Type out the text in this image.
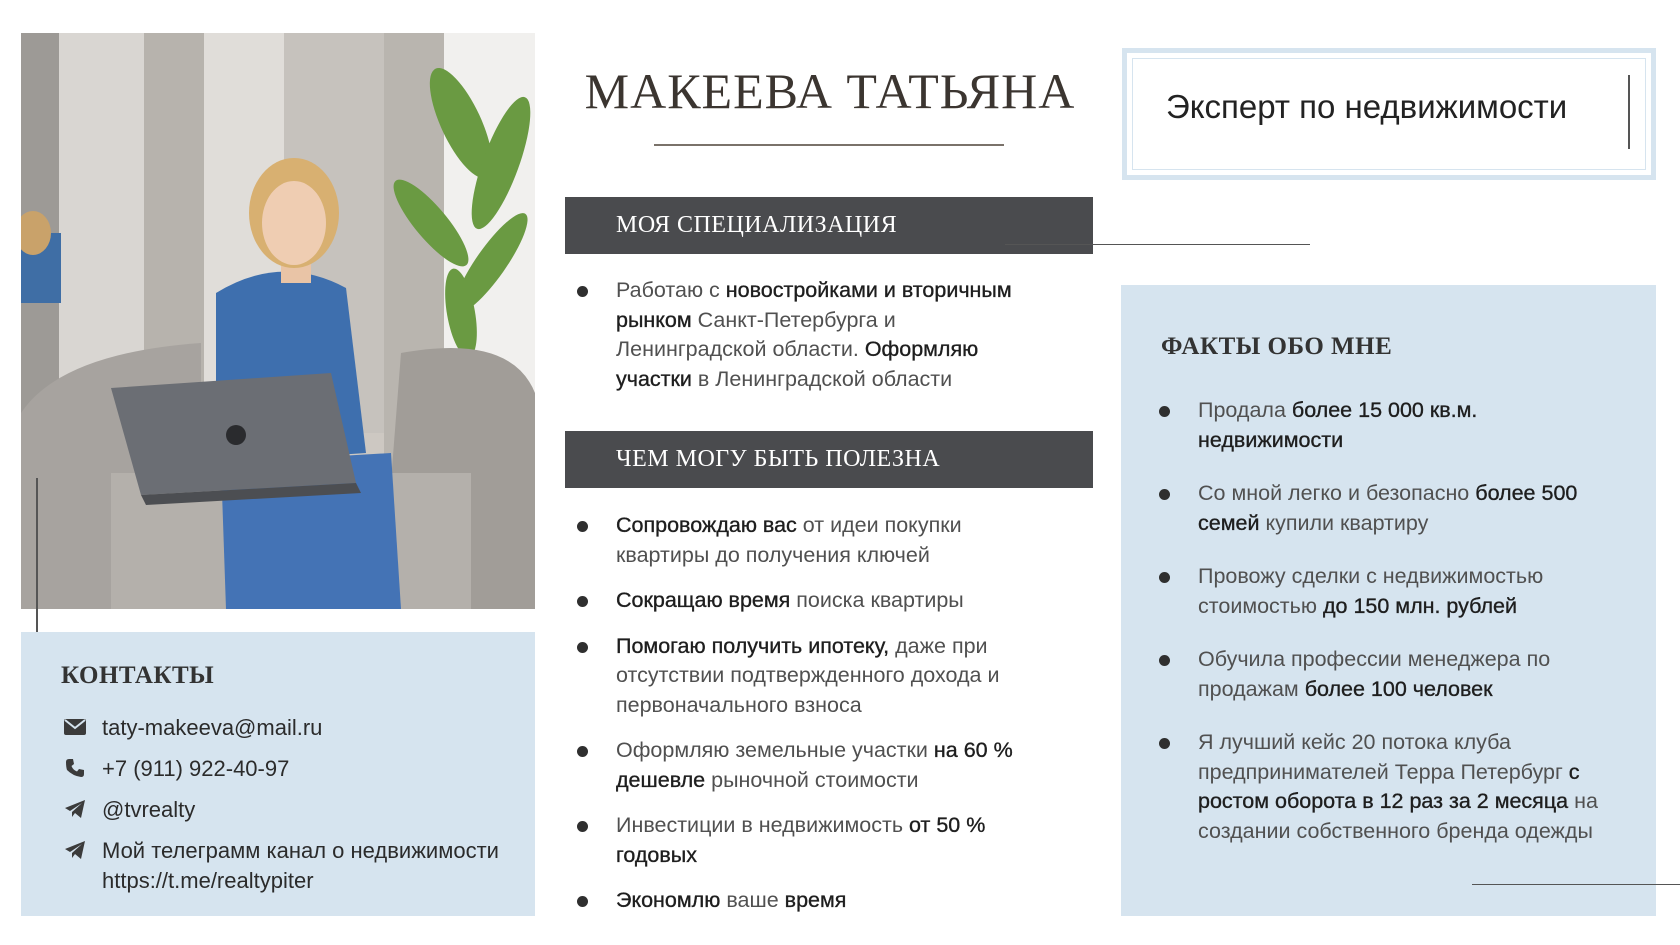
КОНТАКТЫ
taty-makeeva@mail.ru
+7 (911) 922-40-97
@tvrealty
Мой телеграмм канал о недвижимости
https://t.me/realtypiter
МАКЕЕВА ТАТЬЯНА
МОЯ СПЕЦИАЛИЗАЦИЯ
Работаю с новостройками и вторичным рынком Санкт-Петербурга и Ленинградской области. Оформляю участки в Ленинградской области
ЧЕМ МОГУ БЫТЬ ПОЛЕЗНА
Сопровождаю вас от идеи покупки квартиры до получения ключей
Сокращаю время поиска квартиры
Помогаю получить ипотеку, даже при отсутствии подтвержденного дохода и первоначального взноса
Оформляю земельные участки на 60 % дешевле рыночной стоимости
Инвестиции в недвижимость от 50 % годовых
Экономлю ваше время
Эксперт по недвижимости
ФАКТЫ ОБО МНЕ
Продала более 15 000 кв.м. недвижимости
Со мной легко и безопасно более 500 семей купили квартиру
Провожу сделки с недвижимостью стоимостью до 150 млн. рублей
Обучила профессии менеджера по продажам более 100 человек
Я лучший кейс 20 потока клуба предпринимателей Терра Петербург с ростом оборота в 12 раз за 2 месяца на создании собственного бренда одежды
